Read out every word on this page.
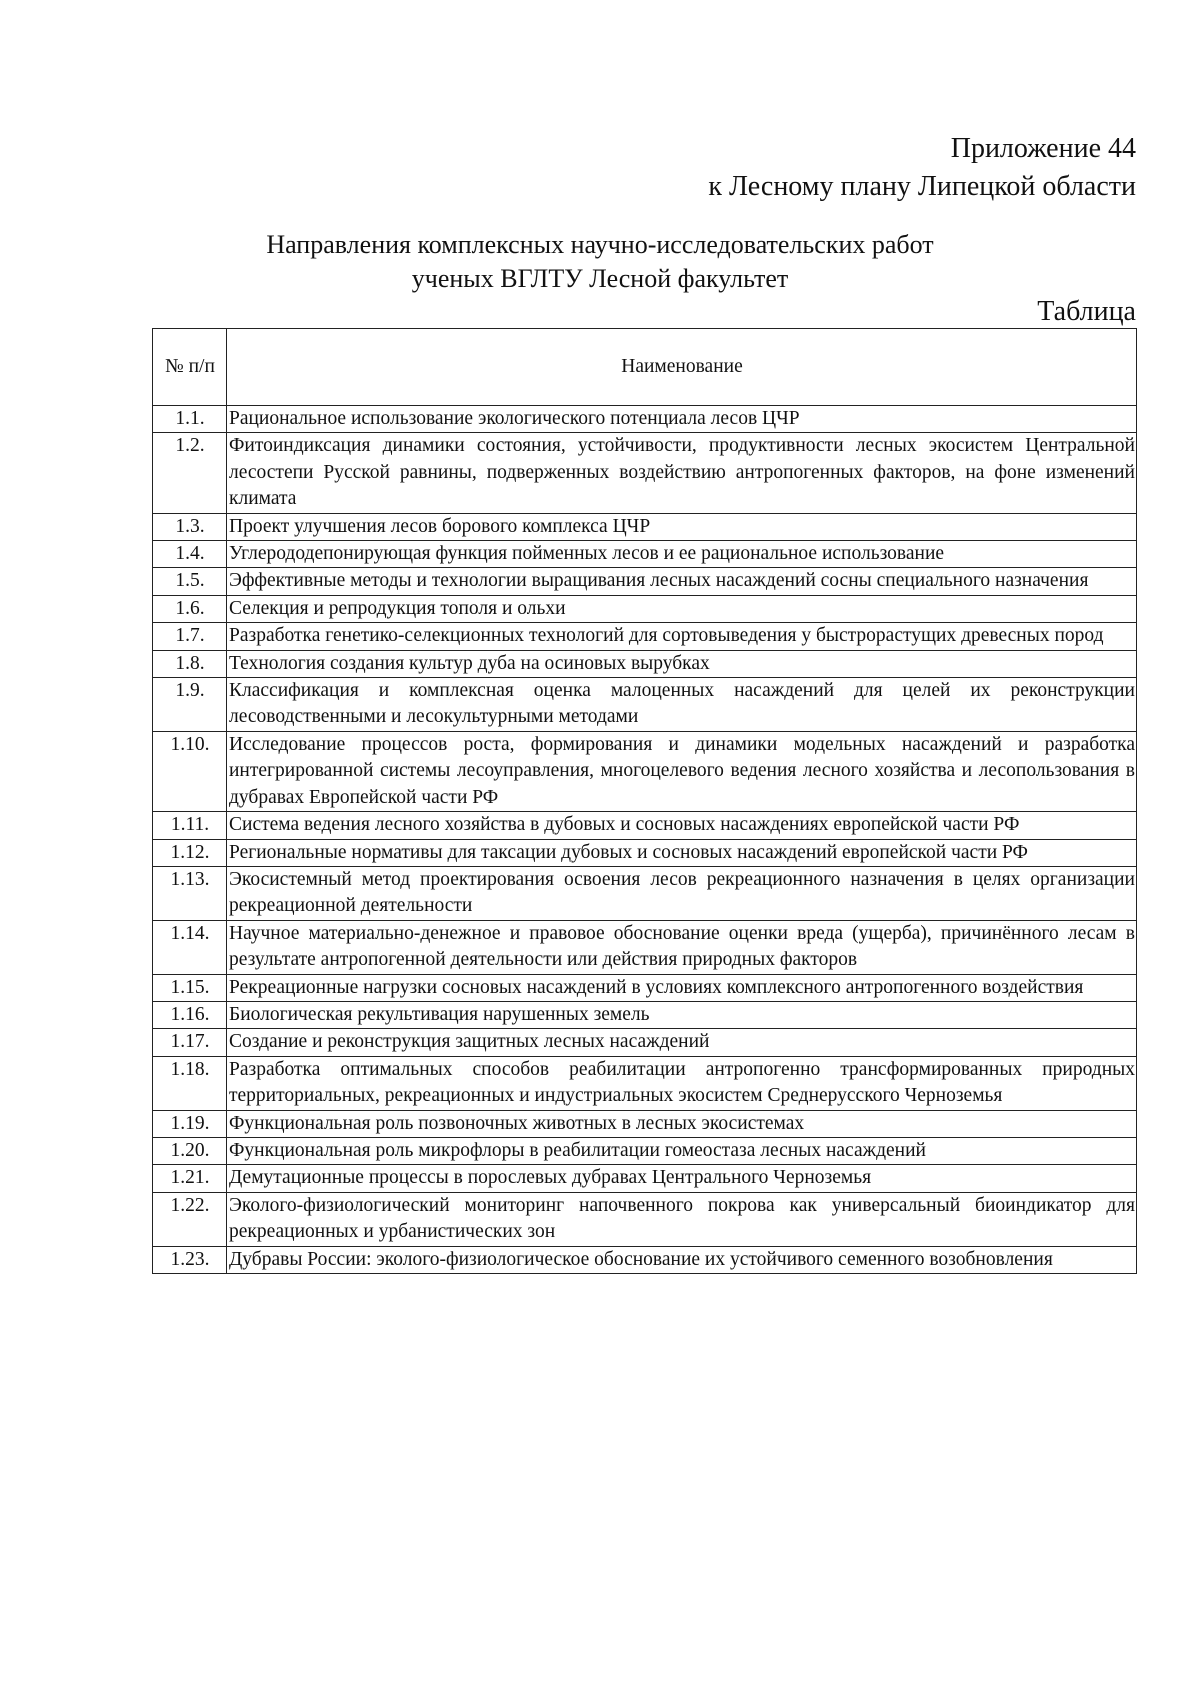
Приложение 44
к Лесному плану Липецкой области
Направления комплексных научно-исследовательских работ
ученых ВГЛТУ Лесной факультет
Таблица
№ п/п	Наименование
1.1.	Рациональное использование экологического потенциала лесов ЦЧР
1.2.	Фитоиндиксация динамики состояния, устойчивости, продуктивности лесных экосистем Центральной лесостепи Русской равнины, подверженных воздействию антропогенных факторов, на фоне изменений климата
1.3.	Проект улучшения лесов борового комплекса ЦЧР
1.4.	Углерододепонирующая функция пойменных лесов и ее рациональное использование
1.5.	Эффективные методы и технологии выращивания лесных насаждений сосны специального назначения
1.6.	Селекция и репродукция тополя и ольхи
1.7.	Разработка генетико-селекционных технологий для сортовыведения у быстрорастущих древесных пород
1.8.	Технология создания культур дуба на осиновых вырубках
1.9.	Классификация и комплексная оценка малоценных насаждений для целей их реконструкции лесоводственными и лесокультурными методами
1.10.	Исследование процессов роста, формирования и динамики модельных насаждений и разработка интегрированной системы лесоуправления, многоцелевого ведения лесного хозяйства и лесопользования в дубравах Европейской части РФ
1.11.	Система ведения лесного хозяйства в дубовых и сосновых насаждениях европейской части РФ
1.12.	Региональные нормативы для таксации дубовых и сосновых насаждений европейской части РФ
1.13.	Экосистемный метод проектирования освоения лесов рекреационного назначения в целях организации рекреационной деятельности
1.14.	Научное материально-денежное и правовое обоснование оценки вреда (ущерба), причинённого лесам в результате антропогенной деятельности или действия природных факторов
1.15.	Рекреационные нагрузки сосновых насаждений в условиях комплексного антропогенного воздействия
1.16.	Биологическая рекультивация нарушенных земель
1.17.	Создание и реконструкция защитных лесных насаждений
1.18.	Разработка оптимальных способов реабилитации антропогенно трансформированных природных территориальных, рекреационных и индустриальных экосистем Среднерусского Черноземья
1.19.	Функциональная роль позвоночных животных в лесных экосистемах
1.20.	Функциональная роль микрофлоры в реабилитации гомеостаза лесных насаждений
1.21.	Демутационные процессы в порослевых дубравах Центрального Черноземья
1.22.	Эколого-физиологический мониторинг напочвенного покрова как универсальный биоиндикатор для рекреационных и урбанистических зон
1.23.	Дубравы России: эколого-физиологическое обоснование их устойчивого семенного возобновления
